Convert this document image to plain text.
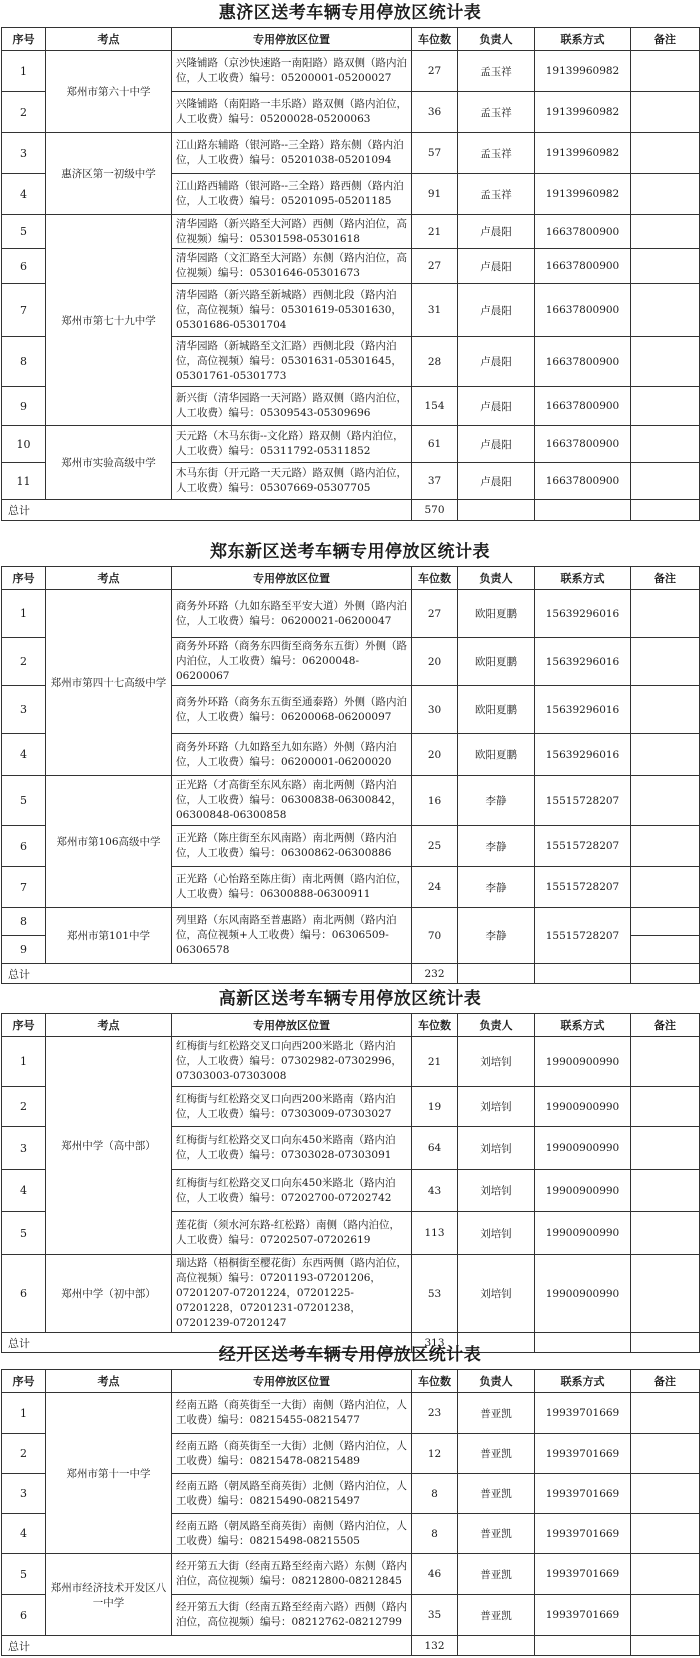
惠济区送考车辆专用停放区统计表
序号	考点	专用停放区位置	车位数	负责人	联系方式	备注
1	郑州市第六十中学	兴隆铺路（京沙快速路一南阳路）路双侧（路内泊位，人工收费）编号：05200001-05200027	27	孟玉祥	19139960982	
2		兴隆铺路（南阳路一丰乐路）路双侧（路内泊位，人工收费）编号：05200028-05200063	36	孟玉祥	19139960982	
3	惠济区第一初级中学	江山路东辅路（银河路--三全路）路东侧（路内泊位，人工收费）编号：05201038-05201094	57	孟玉祥	19139960982	
4		江山路西辅路（银河路--三全路）路西侧（路内泊位，人工收费）编号：05201095-05201185	91	孟玉祥	19139960982	
5	郑州市第七十九中学	清华园路（新兴路至大河路）西侧（路内泊位，高位视频）编号：05301598-05301618	21	卢晨阳	16637800900	
6		清华园路（文汇路至大河路）东侧（路内泊位，高位视频）编号：05301646-05301673	27	卢晨阳	16637800900	
7		清华园路（新兴路至新城路）西侧北段（路内泊位，高位视频）编号：05301619-05301630，05301686-05301704	31	卢晨阳	16637800900	
8		清华园路（新城路至文汇路）西侧北段（路内泊位，高位视频）编号：05301631-05301645，05301761-05301773	28	卢晨阳	16637800900	
9		新兴街（清华园路一天河路）路双侧（路内泊位，人工收费）编号：05309543-05309696	154	卢晨阳	16637800900	
10	郑州市实验高级中学	天元路（木马东街--文化路）路双侧（路内泊位，人工收费）编号：05311792-05311852	61	卢晨阳	16637800900	
11		木马东街（开元路一天元路）路双侧（路内泊位，人工收费）编号：05307669-05307705	37	卢晨阳	16637800900	
总计			570			
郑东新区送考车辆专用停放区统计表
序号	考点	专用停放区位置	车位数	负责人	联系方式	备注
1	郑州市第四十七高级中学	商务外环路（九如东路至平安大道）外侧（路内泊位，人工收费）编号：06200021-06200047	27	欧阳夏鹏	15639296016	
2		商务外环路（商务东四街至商务东五街）外侧（路内泊位，人工收费）编号：06200048-06200067	20	欧阳夏鹏	15639296016	
3		商务外环路（商务东五街至通泰路）外侧（路内泊位，人工收费）编号：06200068-06200097	30	欧阳夏鹏	15639296016	
4		商务外环路（九如路至九如东路）外侧（路内泊位，人工收费）编号：06200001-06200020	20	欧阳夏鹏	15639296016	
5	郑州市第106高级中学	正光路（才高街至东风东路）南北两侧（路内泊位，人工收费）编号：06300838-06300842，06300848-06300858	16	李静	15515728207	
6		正光路（陈庄街至东风南路）南北两侧（路内泊位，人工收费）编号：06300862-06300886	25	李静	15515728207	
7		正光路（心怡路至陈庄街）南北两侧（路内泊位，人工收费）编号：06300888-06300911	24	李静	15515728207	
8	郑州市第101中学	列里路（东风南路至普惠路）南北两侧（路内泊位，高位视频+人工收费）编号：06306509-06306578	70	李静	15515728207	
9						
总计			232			
高新区送考车辆专用停放区统计表
序号	考点	专用停放区位置	车位数	负责人	联系方式	备注
1	郑州中学（高中部）	红梅街与红松路交叉口向西200米路北（路内泊位，人工收费）编号：07302982-07302996，07303003-07303008	21	刘培钊	19900900990	
2		红梅街与红松路交叉口向西200米路南（路内泊位，人工收费）编号：07303009-07303027	19	刘培钊	19900900990	
3		红梅街与红松路交叉口向东450米路南（路内泊位，人工收费）编号：07303028-07303091	64	刘培钊	19900900990	
4		红梅街与红松路交叉口向东450米路北（路内泊位，人工收费）编号：07202700-07202742	43	刘培钊	19900900990	
5		莲花街（须水河东路-红松路）南侧（路内泊位，人工收费）编号：07202507-07202619	113	刘培钊	19900900990	
6	郑州中学（初中部）	瑞达路（梧桐街至樱花街）东西两侧（路内泊位，高位视频）编号：07201193-07201206，07201207-07201224，07201225-07201228，07201231-07201238，07201239-07201247	53	刘培钊	19900900990	
总计			313			
经开区送考车辆专用停放区统计表
序号	考点	专用停放区位置	车位数	负责人	联系方式	备注
1	郑州市第十一中学	经南五路（商英街至一大街）南侧（路内泊位，人工收费）编号：08215455-08215477	23	普亚凯	19939701669	
2		经南五路（商英街至一大街）北侧（路内泊位，人工收费）编号：08215478-08215489	12	普亚凯	19939701669	
3		经南五路（朝凤路至商英街）北侧（路内泊位，人工收费）编号：08215490-08215497	8	普亚凯	19939701669	
4		经南五路（朝凤路至商英街）南侧（路内泊位，人工收费）编号：08215498-08215505	8	普亚凯	19939701669	
5	郑州市经济技术开发区八一中学	经开第五大街（经南五路至经南六路）东侧（路内泊位，高位视频）编号：08212800-08212845	46	普亚凯	19939701669	
6		经开第五大街（经南五路至经南六路）西侧（路内泊位，高位视频）编号：08212762-08212799	35	普亚凯	19939701669	
总计			132			
